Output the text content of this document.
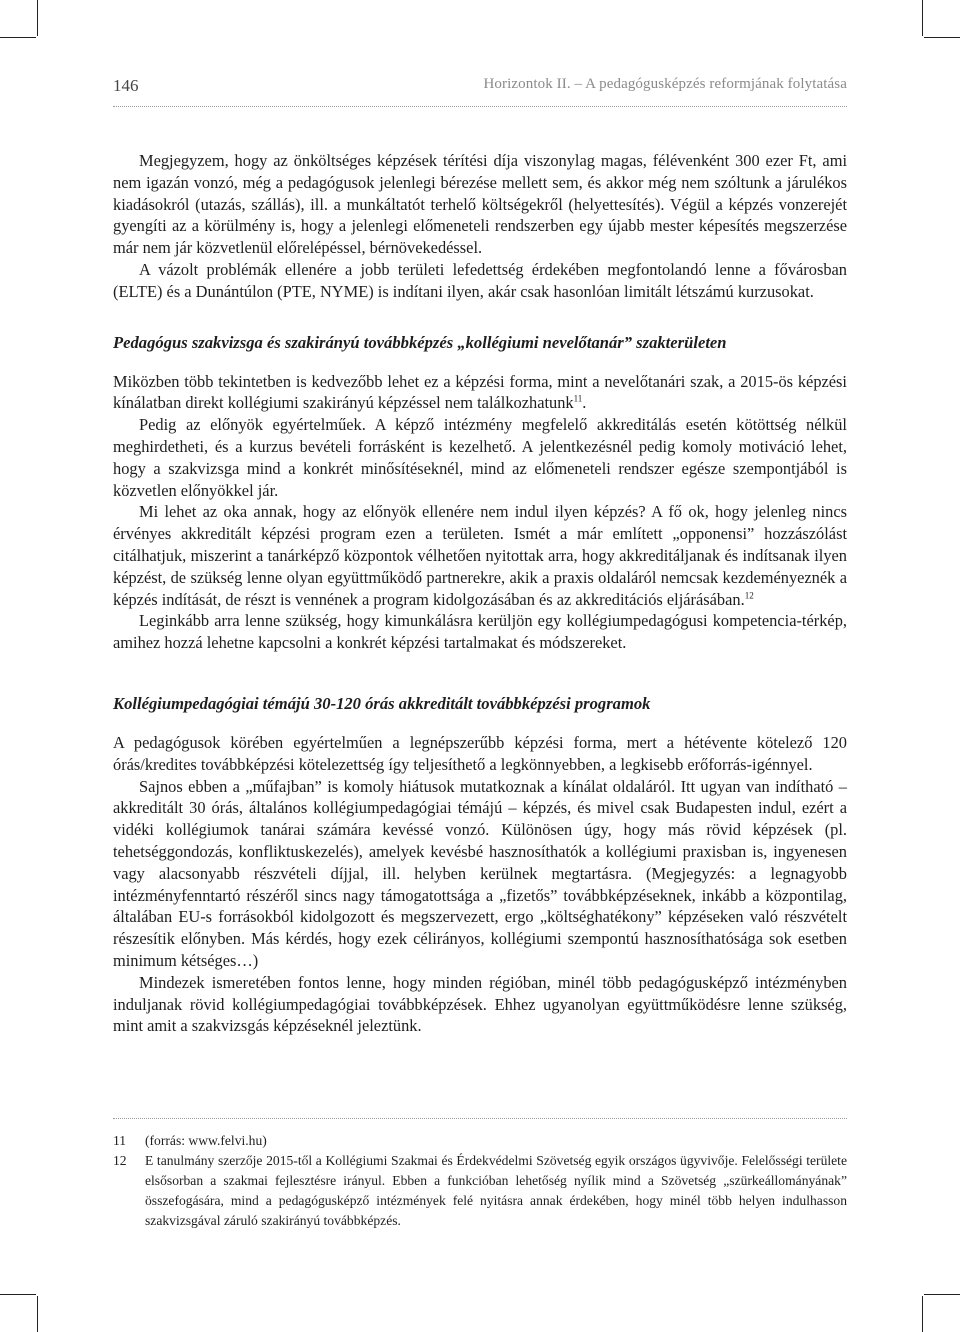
146	Horizontok II. – A pedagógusképzés reformjának folytatása

Megjegyzem, hogy az önköltséges képzések térítési díja viszonylag magas, félévenként 300 ezer Ft, ami nem igazán vonzó, még a pedagógusok jelenlegi bérezése mellett sem, és akkor még nem szóltunk a járulékos kiadásokról (utazás, szállás), ill. a munkáltatót terhelő költségekről (helyettesítés). Végül a képzés vonzerejét gyengíti az a körülmény is, hogy a jelenlegi előmeneteli rendszerben egy újabb mester képesítés megszerzése már nem jár közvetlenül előrelépéssel, bérnövekedéssel.

A vázolt problémák ellenére a jobb területi lefedettség érdekében megfontolandó lenne a fővárosban (ELTE) és a Dunántúlon (PTE, NYME) is indítani ilyen, akár csak hasonlóan limitált létszámú kurzusokat.

Pedagógus szakvizsga és szakirányú továbbképzés „kollégiumi nevelőtanár” szakterületen

Miközben több tekintetben is kedvezőbb lehet ez a képzési forma, mint a nevelőtanári szak, a 2015-ös képzési kínálatban direkt kollégiumi szakirányú képzéssel nem találkozhatunk$^{11}$.

Pedig az előnyök egyértelműek. A képző intézmény megfelelő akkreditálás esetén kötöttség nélkül meghirdetheti, és a kurzus bevételi forrásként is kezelhető. A jelentkezésnél pedig komoly motiváció lehet, hogy a szakvizsga mind a konkrét minősítéseknél, mind az előmeneteli rendszer egésze szempontjából is közvetlen előnyökkel jár.

Mi lehet az oka annak, hogy az előnyök ellenére nem indul ilyen képzés? A fő ok, hogy jelenleg nincs érvényes akkreditált képzési program ezen a területen. Ismét a már említett „opponensi” hozzászólást citálhatjuk, miszerint a tanárképző központok vélhetően nyitottak arra, hogy akkreditáljanak és indítsanak ilyen képzést, de szükség lenne olyan együttműködő partnerekre, akik a praxis oldaláról nemcsak kezdeményeznék a képzés indítását, de részt is vennének a program kidolgozásában és az akkreditációs eljárásában.$^{12}$

Leginkább arra lenne szükség, hogy kimunkálásra kerüljön egy kollégiumpedagógusi kompetencia-térkép, amihez hozzá lehetne kapcsolni a konkrét képzési tartalmakat és módszereket.

Kollégiumpedagógiai témájú 30-120 órás akkreditált továbbképzési programok

A pedagógusok körében egyértelműen a legnépszerűbb képzési forma, mert a hétévente kötelező 120 órás/kredites továbbképzési kötelezettség így teljesíthető a legkönnyebben, a legkisebb erőforrás-igénnyel.

Sajnos ebben a „műfajban” is komoly hiátusok mutatkoznak a kínálat oldaláról. Itt ugyan van indítható – akkreditált 30 órás, általános kollégiumpedagógiai témájú – képzés, és mivel csak Budapesten indul, ezért a vidéki kollégiumok tanárai számára kevéssé vonzó. Különösen úgy, hogy más rövid képzések (pl. tehetséggondozás, konfliktuskezelés), amelyek kevésbé hasznosíthatók a kollégiumi praxisban is, ingyenesen vagy alacsonyabb részvételi díjjal, ill. helyben kerülnek megtartásra. (Megjegyzés: a legnagyobb intézményfenntartó részéről sincs nagy támogatottsága a „fizetős” továbbképzéseknek, inkább a központilag, általában EU-s forrásokból kidolgozott és megszervezett, ergo „költséghatékony” képzéseken való részvételt részesítik előnyben. Más kérdés, hogy ezek célirányos, kollégiumi szempontú hasznosíthatósága sok esetben minimum kétséges…)

Mindezek ismeretében fontos lenne, hogy minden régióban, minél több pedagógusképző intézményben induljanak rövid kollégiumpedagógiai továbbképzések. Ehhez ugyanolyan együttműködésre lenne szükség, mint amit a szakvizsgás képzéseknél jeleztünk.

11 (forrás: www.felvi.hu)

12 E tanulmány szerzője 2015-től a Kollégiumi Szakmai és Érdekvédelmi Szövetség egyik országos ügyvivője. Felelősségi területe elsősorban a szakmai fejlesztésre irányul. Ebben a funkcióban lehetőség nyílik mind a Szövetség „szürkeállományának” összefogására, mind a pedagógusképző intézmények felé nyitásra annak érdekében, hogy minél több helyen indulhasson szakvizsgával záruló szakirányú továbbképzés.
